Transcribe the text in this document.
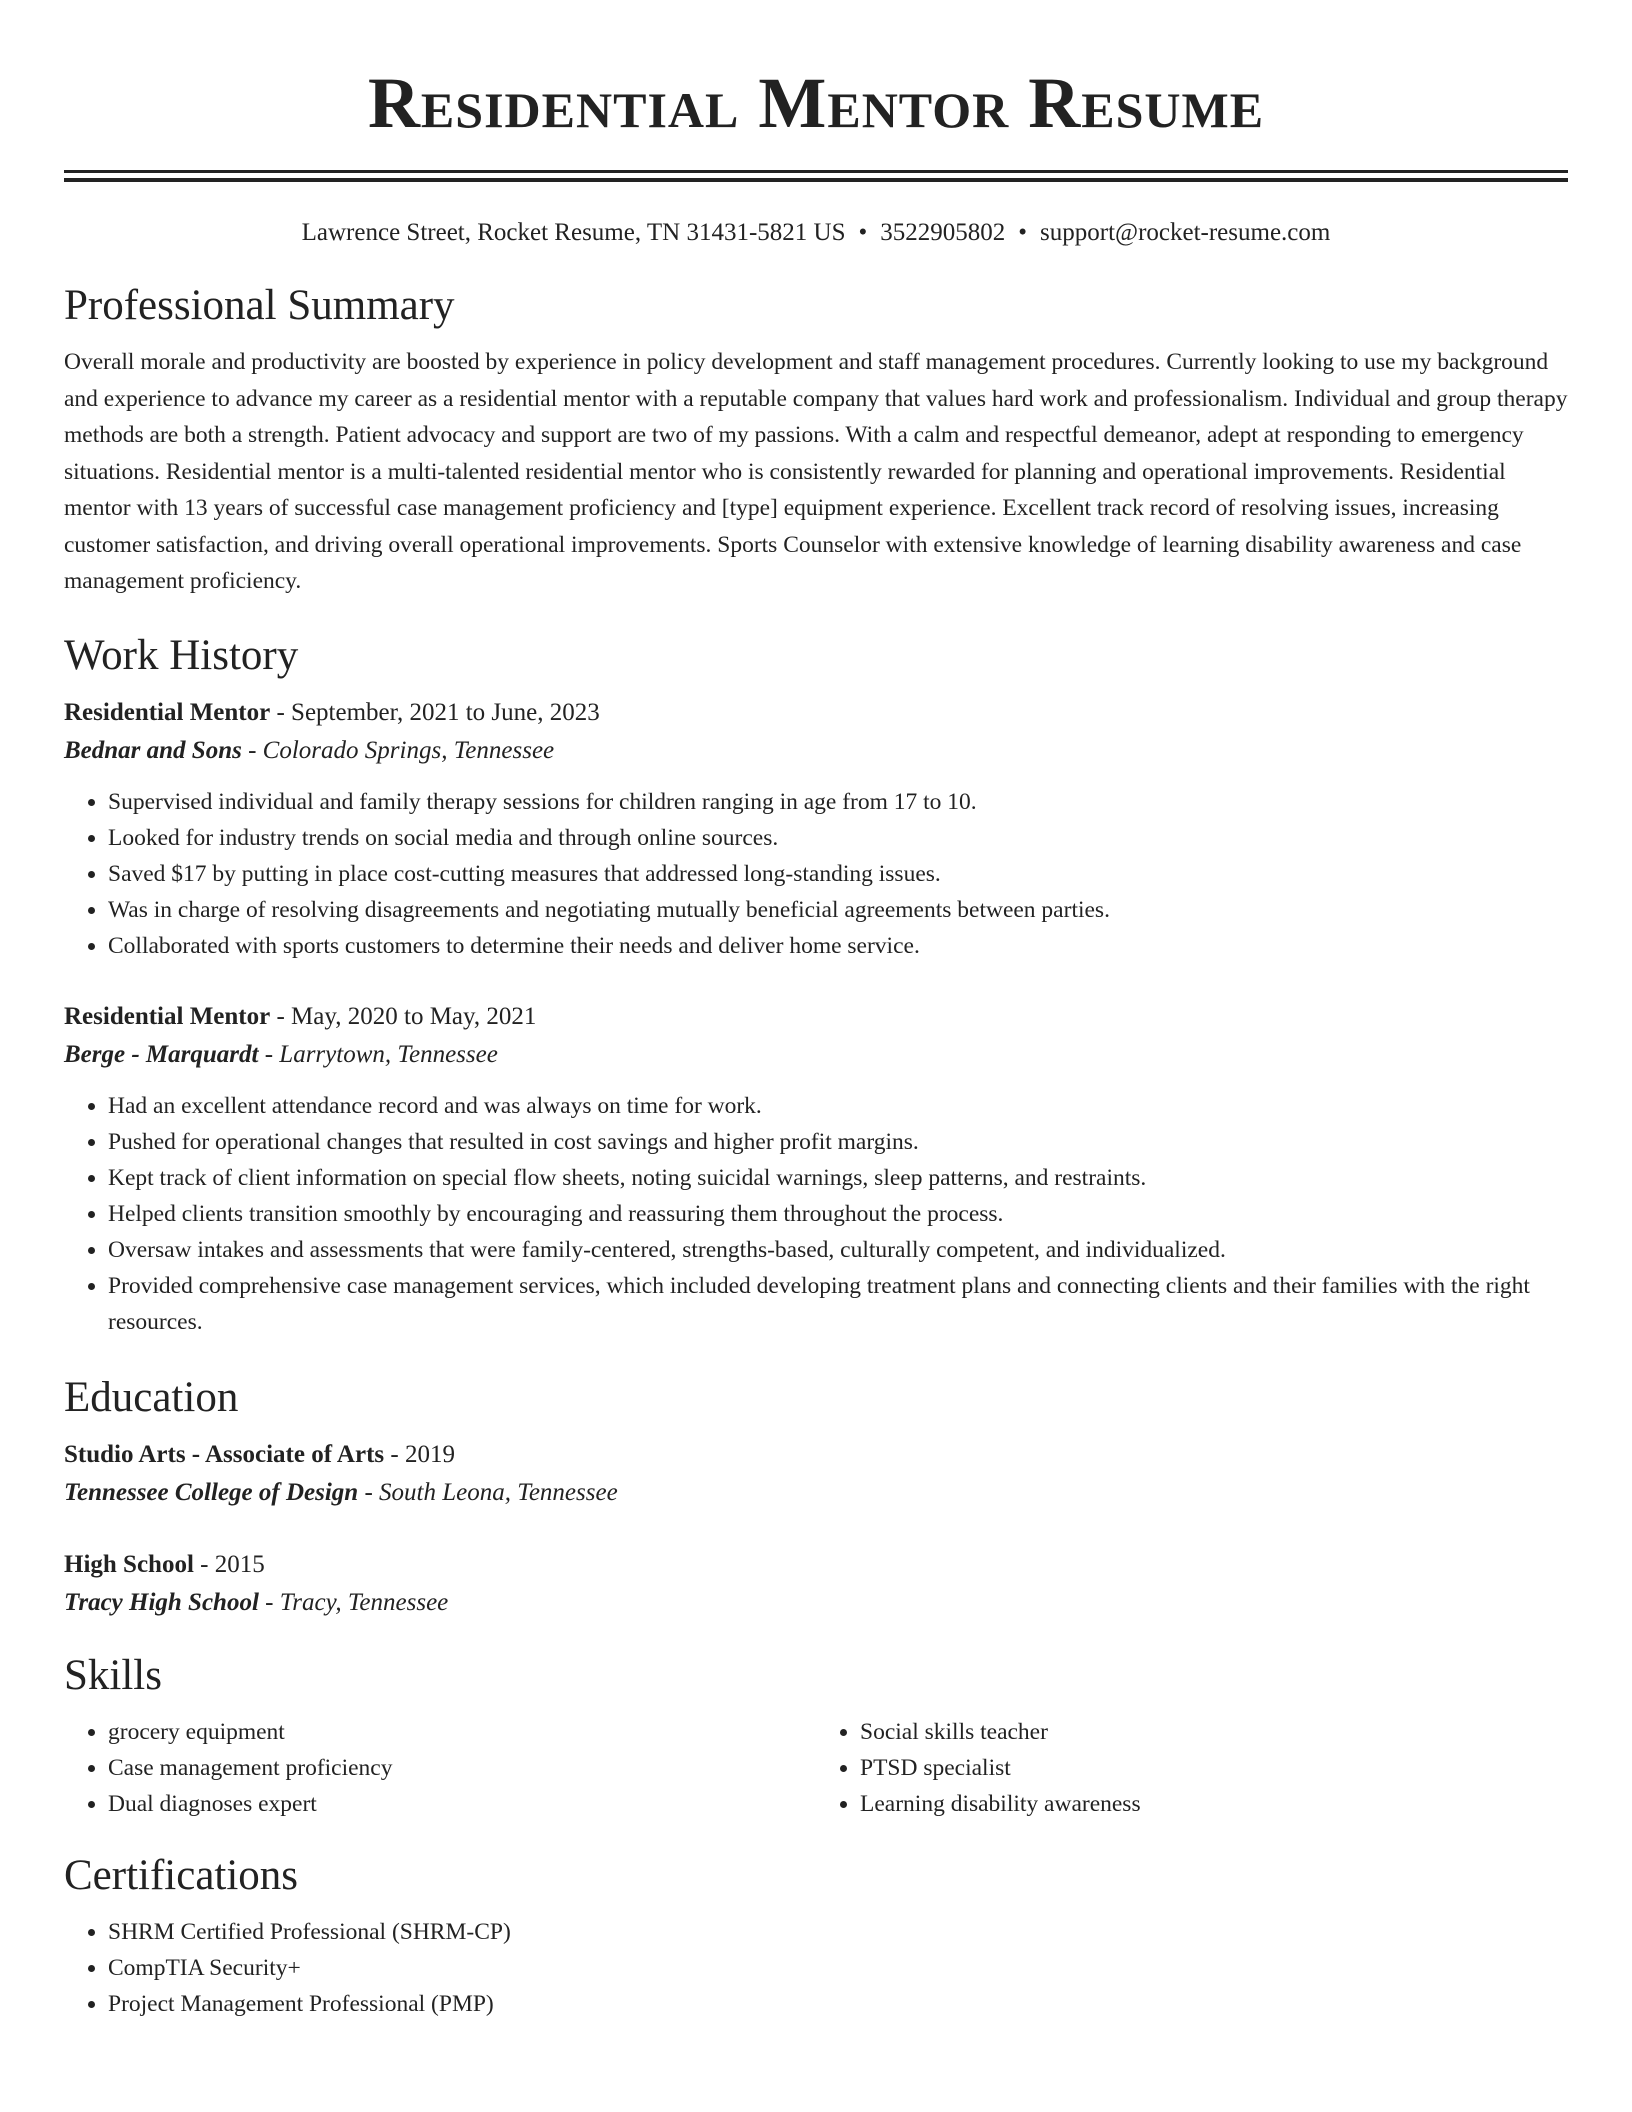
Residential Mentor Resume
Lawrence Street, Rocket Resume, TN 31431-5821 US • 3522905802 • support@rocket-resume.com
Professional Summary
Overall morale and productivity are boosted by experience in policy development and staff management procedures. Currently looking to use my background and experience to advance my career as a residential mentor with a reputable company that values hard work and professionalism. Individual and group therapy methods are both a strength. Patient advocacy and support are two of my passions. With a calm and respectful demeanor, adept at responding to emergency situations. Residential mentor is a multi-talented residential mentor who is consistently rewarded for planning and operational improvements. Residential mentor with 13 years of successful case management proficiency and [type] equipment experience. Excellent track record of resolving issues, increasing customer satisfaction, and driving overall operational improvements. Sports Counselor with extensive knowledge of learning disability awareness and case management proficiency.
Work History
Residential Mentor - September, 2021 to June, 2023
Bednar and Sons - Colorado Springs, Tennessee
• Supervised individual and family therapy sessions for children ranging in age from 17 to 10.
• Looked for industry trends on social media and through online sources.
• Saved $17 by putting in place cost-cutting measures that addressed long-standing issues.
• Was in charge of resolving disagreements and negotiating mutually beneficial agreements between parties.
• Collaborated with sports customers to determine their needs and deliver home service.
Residential Mentor - May, 2020 to May, 2021
Berge - Marquardt - Larrytown, Tennessee
• Had an excellent attendance record and was always on time for work.
• Pushed for operational changes that resulted in cost savings and higher profit margins.
• Kept track of client information on special flow sheets, noting suicidal warnings, sleep patterns, and restraints.
• Helped clients transition smoothly by encouraging and reassuring them throughout the process.
• Oversaw intakes and assessments that were family-centered, strengths-based, culturally competent, and individualized.
• Provided comprehensive case management services, which included developing treatment plans and connecting clients and their families with the right resources.
Education
Studio Arts - Associate of Arts - 2019
Tennessee College of Design - South Leona, Tennessee
High School - 2015
Tracy High School - Tracy, Tennessee
Skills
• grocery equipment
• Case management proficiency
• Dual diagnoses expert
• Social skills teacher
• PTSD specialist
• Learning disability awareness
Certifications
• SHRM Certified Professional (SHRM-CP)
• CompTIA Security+
• Project Management Professional (PMP)
